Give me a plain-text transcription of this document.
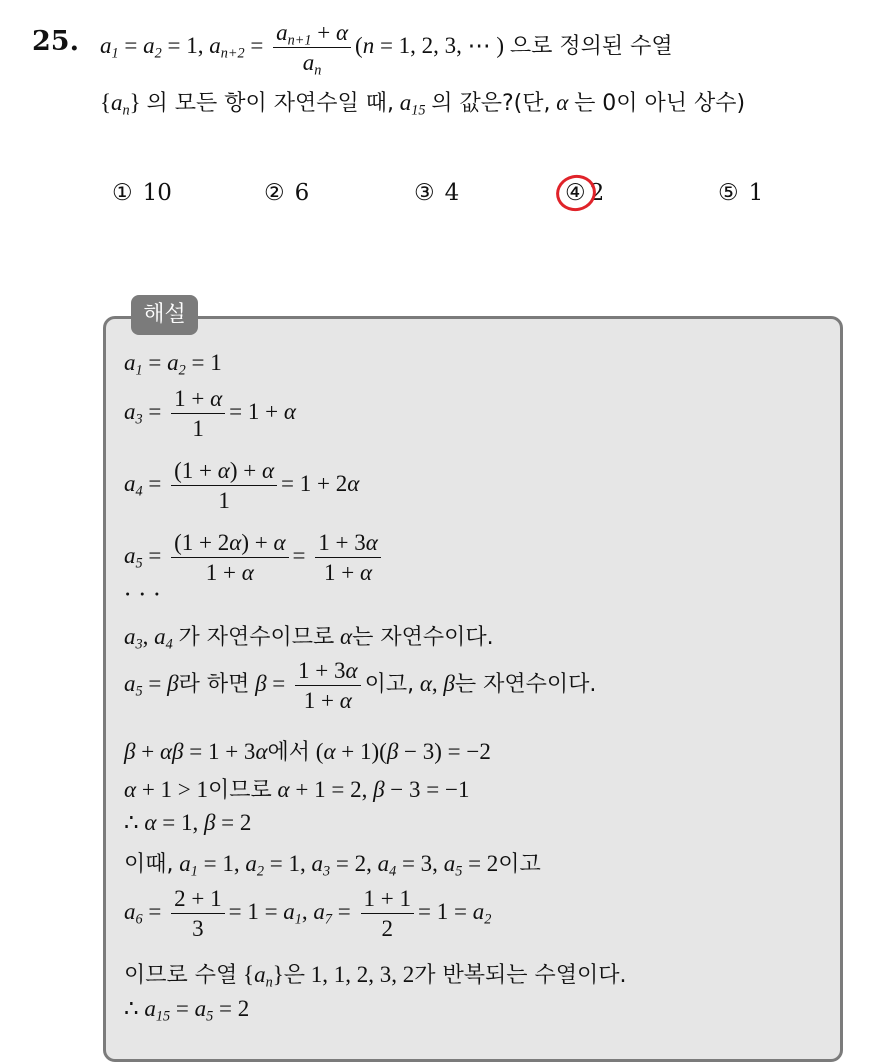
25. $a_1 = a_2 = 1$, $a_{n+2} = \frac{a_{n+1} + \alpha}{a_n} (n = 1$, 2, 3, ⋯ ) 으로 정의된 수열
$\{a_n\}$ 의 모든 항이 자연수일 때, $a_{15}$ 의 값은?(단, α 는 0이 아닌 상수)
① 10	② 6	③ 4	④ 2	⑤ 1
해설
$a_1 = a_2 = 1$
$a_3 = \frac{1 + \alpha}{1} = 1 + \alpha$
$a_4 = \frac{(1 + \alpha) + \alpha}{1} = 1 + 2\alpha$
$a_5 = \frac{(1 + 2\alpha) + \alpha}{1 + \alpha} = \frac{1 + 3\alpha}{1 + \alpha}$
· · ·
$a_3$, $a_4$ 가 자연수이므로 α는 자연수이다.
$a_5 = \beta$라 하면 $\beta = \frac{1 + 3\alpha}{1 + \alpha}$ 이고, α, β는 자연수이다.
β + αβ = 1 + 3α에서 (α + 1)(β − 3) = −2
α + 1 > 1이므로 α + 1 = 2, β − 3 = −1
∴ α = 1, β = 2
이때, $a_1 = 1$, $a_2 = 1$, $a_3 = 2$, $a_4 = 3$, $a_5 = 2$이고
$a_6 = \frac{2 + 1}{3} = 1 = a_1$, $a_7 = \frac{1 + 1}{2} = 1 = a_2$
이므로 수열 $\{a_n\}$은 1, 1, 2, 3, 2가 반복되는 수열이다.
∴ $a_{15} = a_5 = 2$
